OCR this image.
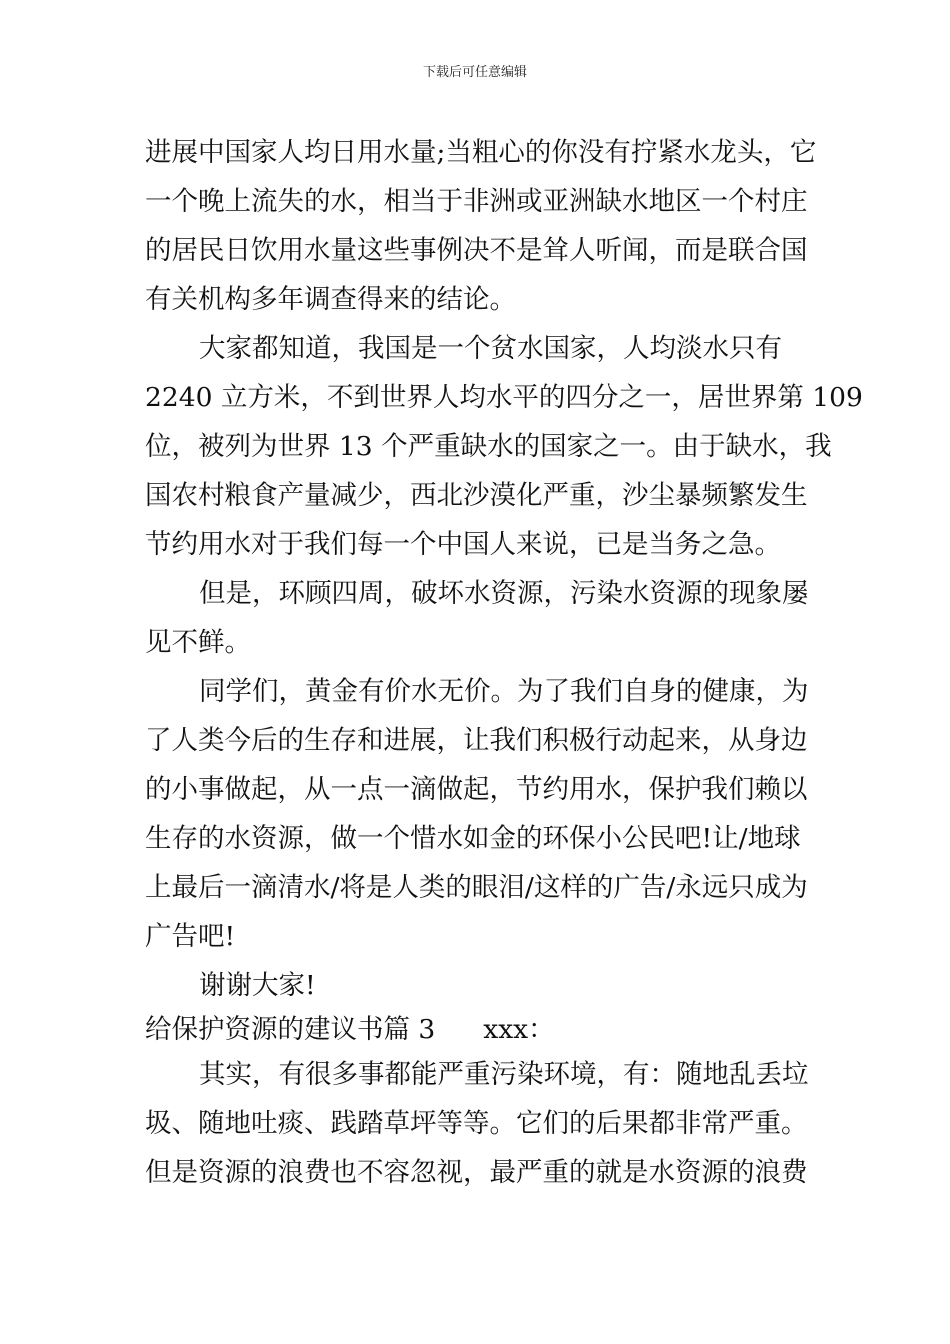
下载后可任意编辑
进展中国家人均日用水量;当粗心的你没有拧紧水龙头，它
一个晚上流失的水，相当于非洲或亚洲缺水地区一个村庄
的居民日饮用水量这些事例决不是耸人听闻，而是联合国
有关机构多年调查得来的结论。
大家都知道，我国是一个贫水国家，人均淡水只有
2240 立方米，不到世界人均水平的四分之一，居世界第 109
位，被列为世界 13 个严重缺水的国家之一。由于缺水，我
国农村粮食产量减少，西北沙漠化严重，沙尘暴频繁发生
节约用水对于我们每一个中国人来说，已是当务之急。
但是，环顾四周，破坏水资源，污染水资源的现象屡
见不鲜。
同学们，黄金有价水无价。为了我们自身的健康，为
了人类今后的生存和进展，让我们积极行动起来，从身边
的小事做起，从一点一滴做起，节约用水，保护我们赖以
生存的水资源，做一个惜水如金的环保小公民吧!让/地球
上最后一滴清水/将是人类的眼泪/这样的广告/永远只成为
广告吧!
谢谢大家!
给保护资源的建议书篇 3 xxx：
其实，有很多事都能严重污染环境，有：随地乱丢垃
圾、随地吐痰、践踏草坪等等。它们的后果都非常严重。
但是资源的浪费也不容忽视，最严重的就是水资源的浪费
